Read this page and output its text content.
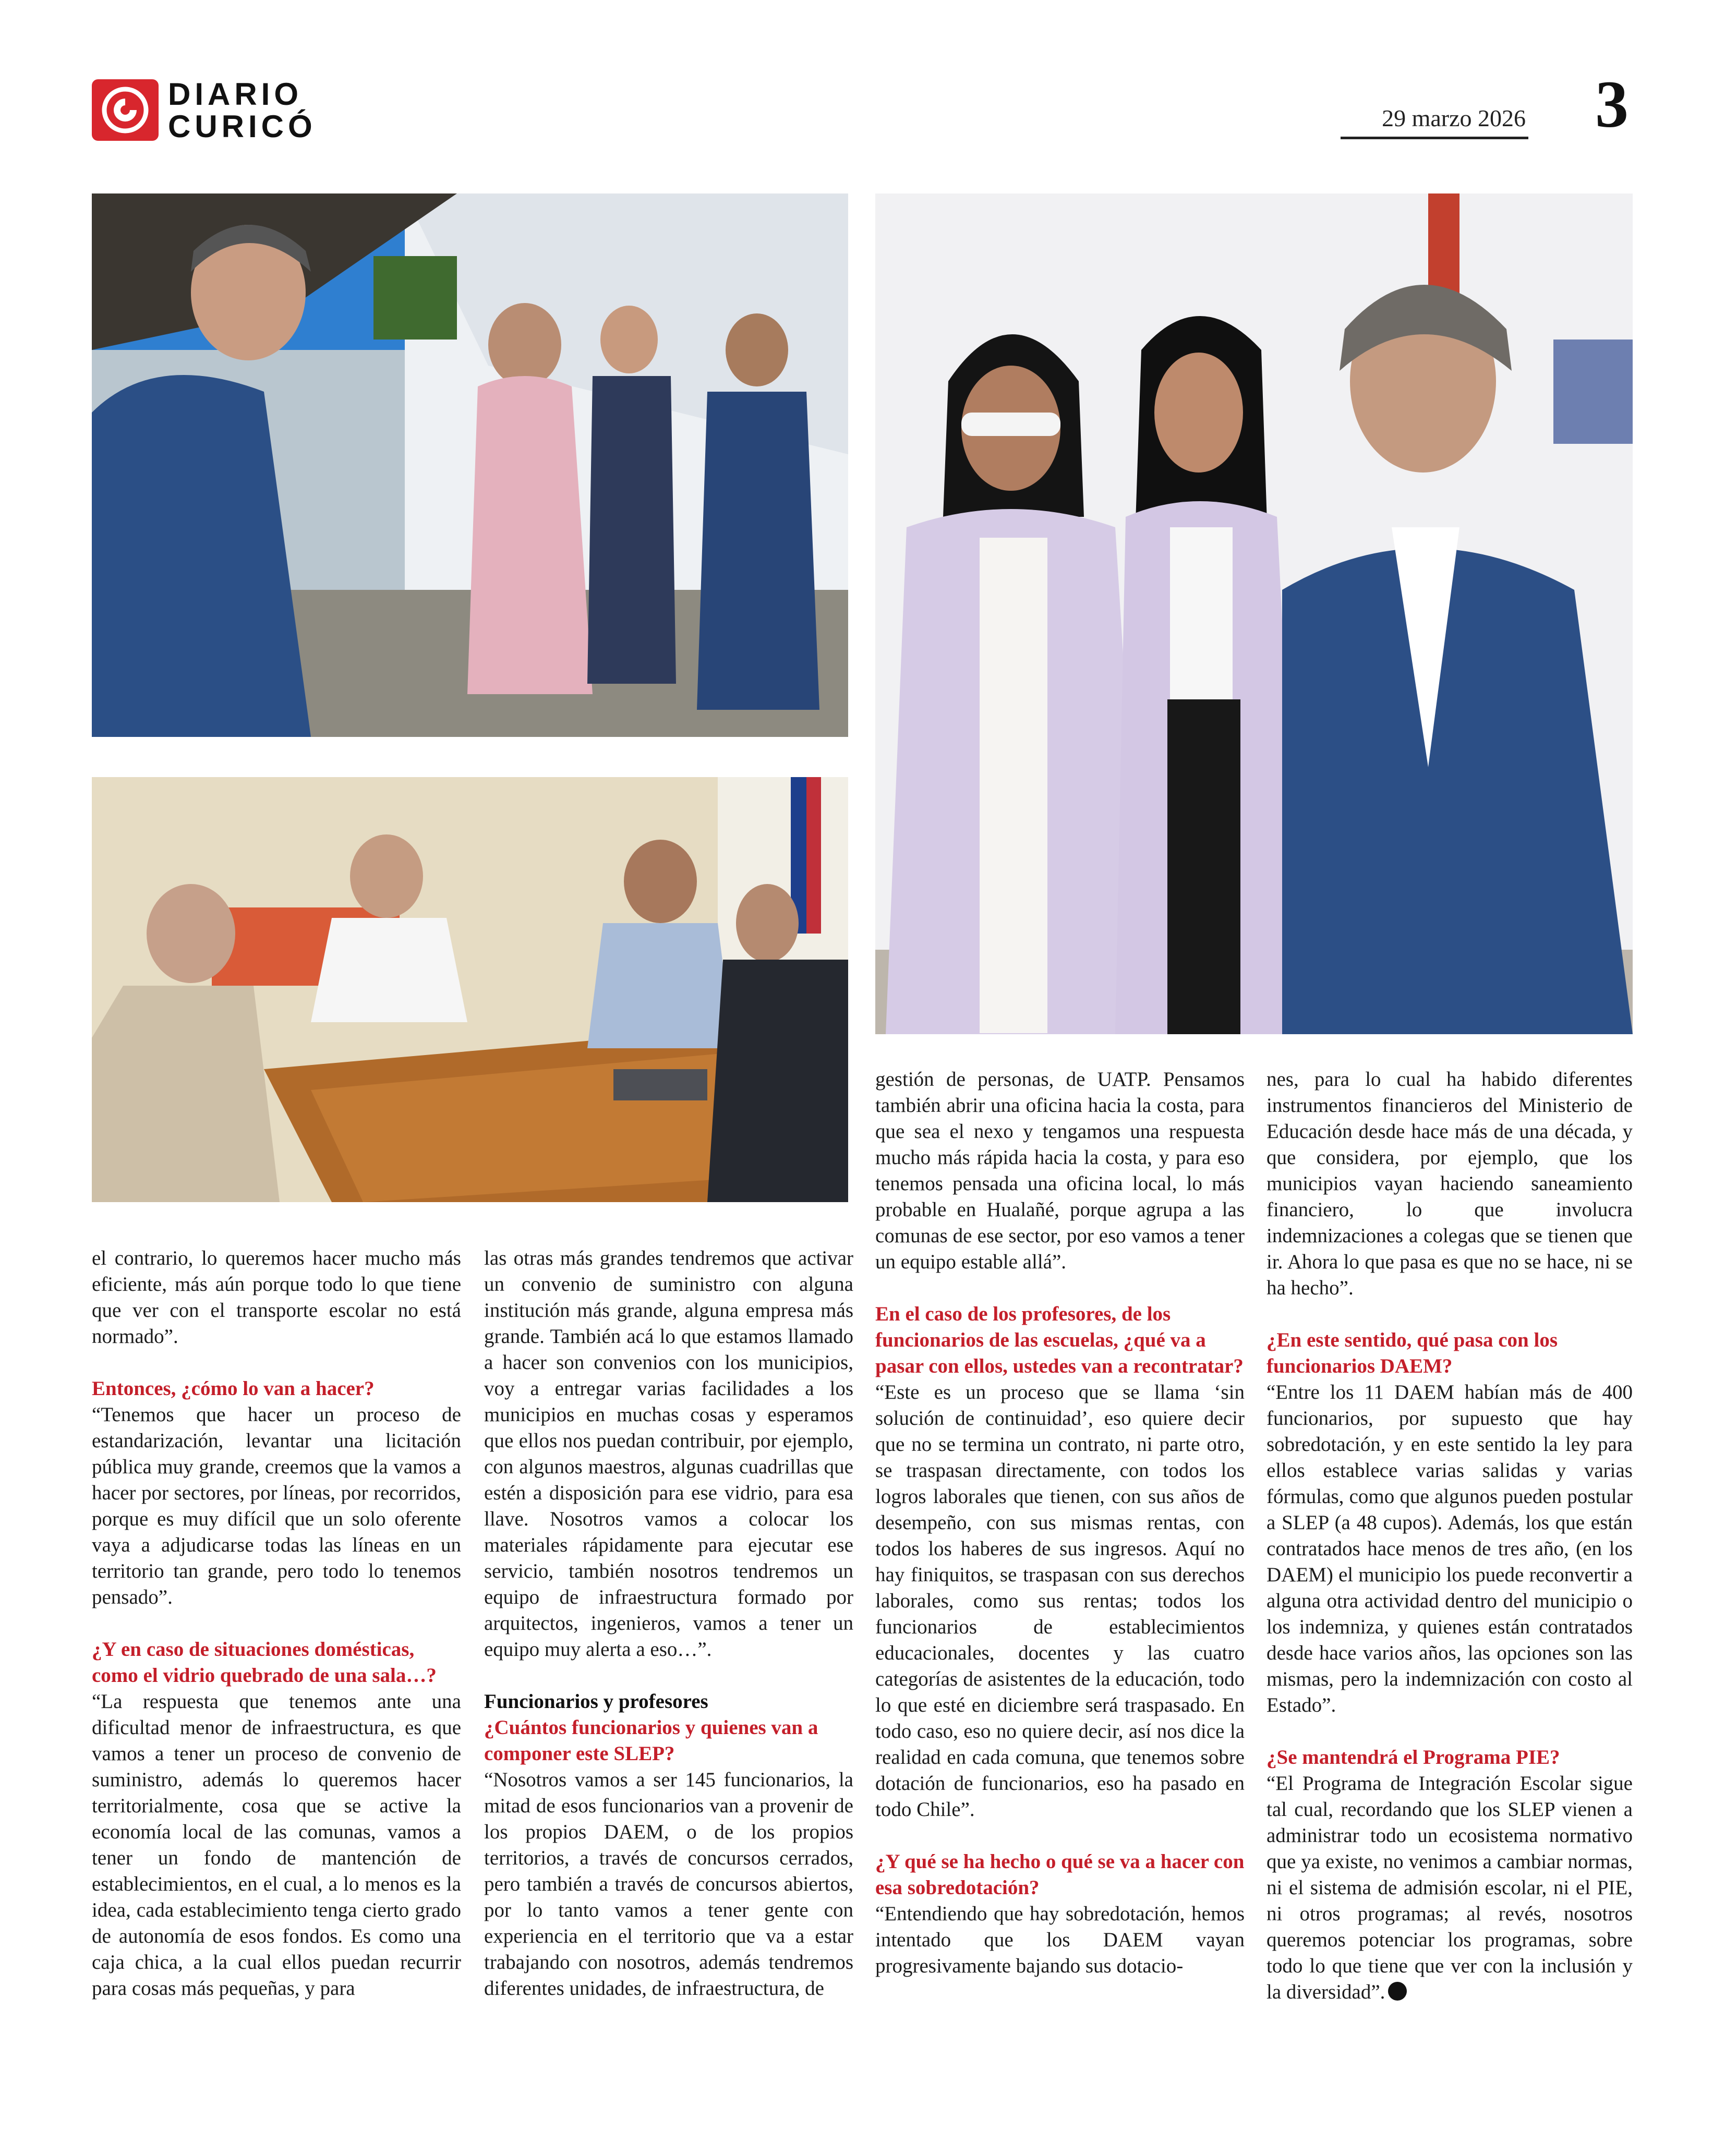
DIARIO
CURICÓ	29 marzo 2026 3

el contrario, lo queremos hacer mucho más eficiente, más aún porque todo lo que tiene que ver con el transporte escolar no está normado”.

Entonces, ¿cómo lo van a hacer?

“Tenemos que hacer un proceso de estandarización, levantar una licitación pública muy grande, creemos que la vamos a hacer por sectores, por líneas, por recorridos, porque es muy difícil que un solo oferente vaya a adjudicarse todas las líneas en un territorio tan grande, pero todo lo tenemos pensado”.

¿Y en caso de situaciones domésticas, como el vidrio quebrado de una sala…?

“La respuesta que tenemos ante una dificultad menor de infraestructura, es que vamos a tener un proceso de convenio de suministro, además lo queremos hacer territorialmente, cosa que se active la economía local de las comunas, vamos a tener un fondo de mantención de establecimientos, en el cual, a lo menos es la idea, cada establecimiento tenga cierto grado de autonomía de esos fondos. Es como una caja chica, a la cual ellos puedan recurrir para cosas más pequeñas, y para

las otras más grandes tendremos que activar un convenio de suministro con alguna institución más grande, alguna empresa más grande. También acá lo que estamos llamado a hacer son convenios con los municipios, voy a entregar varias facilidades a los municipios en muchas cosas y esperamos que ellos nos puedan contribuir, por ejemplo, con algunos maestros, algunas cuadrillas que estén a disposición para ese vidrio, para esa llave. Nosotros vamos a colocar los materiales rápidamente para ejecutar ese servicio, también nosotros tendremos un equipo de infraestructura formado por arquitectos, ingenieros, vamos a tener un equipo muy alerta a eso…”.

Funcionarios y profesores

¿Cuántos funcionarios y quienes van a componer este SLEP?

“Nosotros vamos a ser 145 funcionarios, la mitad de esos funcionarios van a provenir de los propios DAEM, o de los propios territorios, a través de concursos cerrados, pero también a través de concursos abiertos, por lo tanto vamos a tener gente con experiencia en el territorio que va a estar trabajando con nosotros, además tendremos diferentes unidades, de infraestructura, de

gestión de personas, de UATP. Pensamos también abrir una oficina hacia la costa, para que sea el nexo y tengamos una respuesta mucho más rápida hacia la costa, y para eso tenemos pensada una oficina local, lo más probable en Hualañé, porque agrupa a las comunas de ese sector, por eso vamos a tener un equipo estable allá”.

En el caso de los profesores, de los funcionarios de las escuelas, ¿qué va a pasar con ellos, ustedes van a recontratar?

“Este es un proceso que se llama ‘sin solución de continuidad’, eso quiere decir que no se termina un contrato, ni parte otro, se traspasan directamente, con todos los logros laborales que tienen, con sus años de desempeño, con sus mismas rentas, con todos los haberes de sus ingresos. Aquí no hay finiquitos, se traspasan con sus derechos laborales, como sus rentas; todos los funcionarios de establecimientos educacionales, docentes y las cuatro categorías de asistentes de la educación, todo lo que esté en diciembre será traspasado. En todo caso, eso no quiere decir, así nos dice la realidad en cada comuna, que tenemos sobre dotación de funcionarios, eso ha pasado en todo Chile”.

¿Y qué se ha hecho o qué se va a hacer con esa sobredotación?

“Entendiendo que hay sobredotación, hemos intentado que los DAEM vayan progresivamente bajando sus dotacio-

nes, para lo cual ha habido diferentes instrumentos financieros del Ministerio de Educación desde hace más de una década, y que considera, por ejemplo, que los municipios vayan haciendo saneamiento financiero, lo que involucra indemnizaciones a colegas que se tienen que ir. Ahora lo que pasa es que no se hace, ni se ha hecho”.

¿En este sentido, qué pasa con los funcionarios DAEM?

“Entre los 11 DAEM habían más de 400 funcionarios, por supuesto que hay sobredotación, y en este sentido la ley para ellos establece varias salidas y varias fórmulas, como que algunos pueden postular a SLEP (a 48 cupos). Además, los que están contratados hace menos de tres año, (en los DAEM) el municipio los puede reconvertir a alguna otra actividad dentro del municipio o los indemniza, y quienes están contratados desde hace varios años, las opciones son las mismas, pero la indemnización con costo al Estado”.

¿Se mantendrá el Programa PIE?

“El Programa de Integración Escolar sigue tal cual, recordando que los SLEP vienen a administrar todo un ecosistema normativo que ya existe, no venimos a cambiar normas, ni el sistema de admisión escolar, ni el PIE, ni otros programas; al revés, nosotros queremos potenciar los programas, sobre todo lo que tiene que ver con la inclusión y la diversidad”.
